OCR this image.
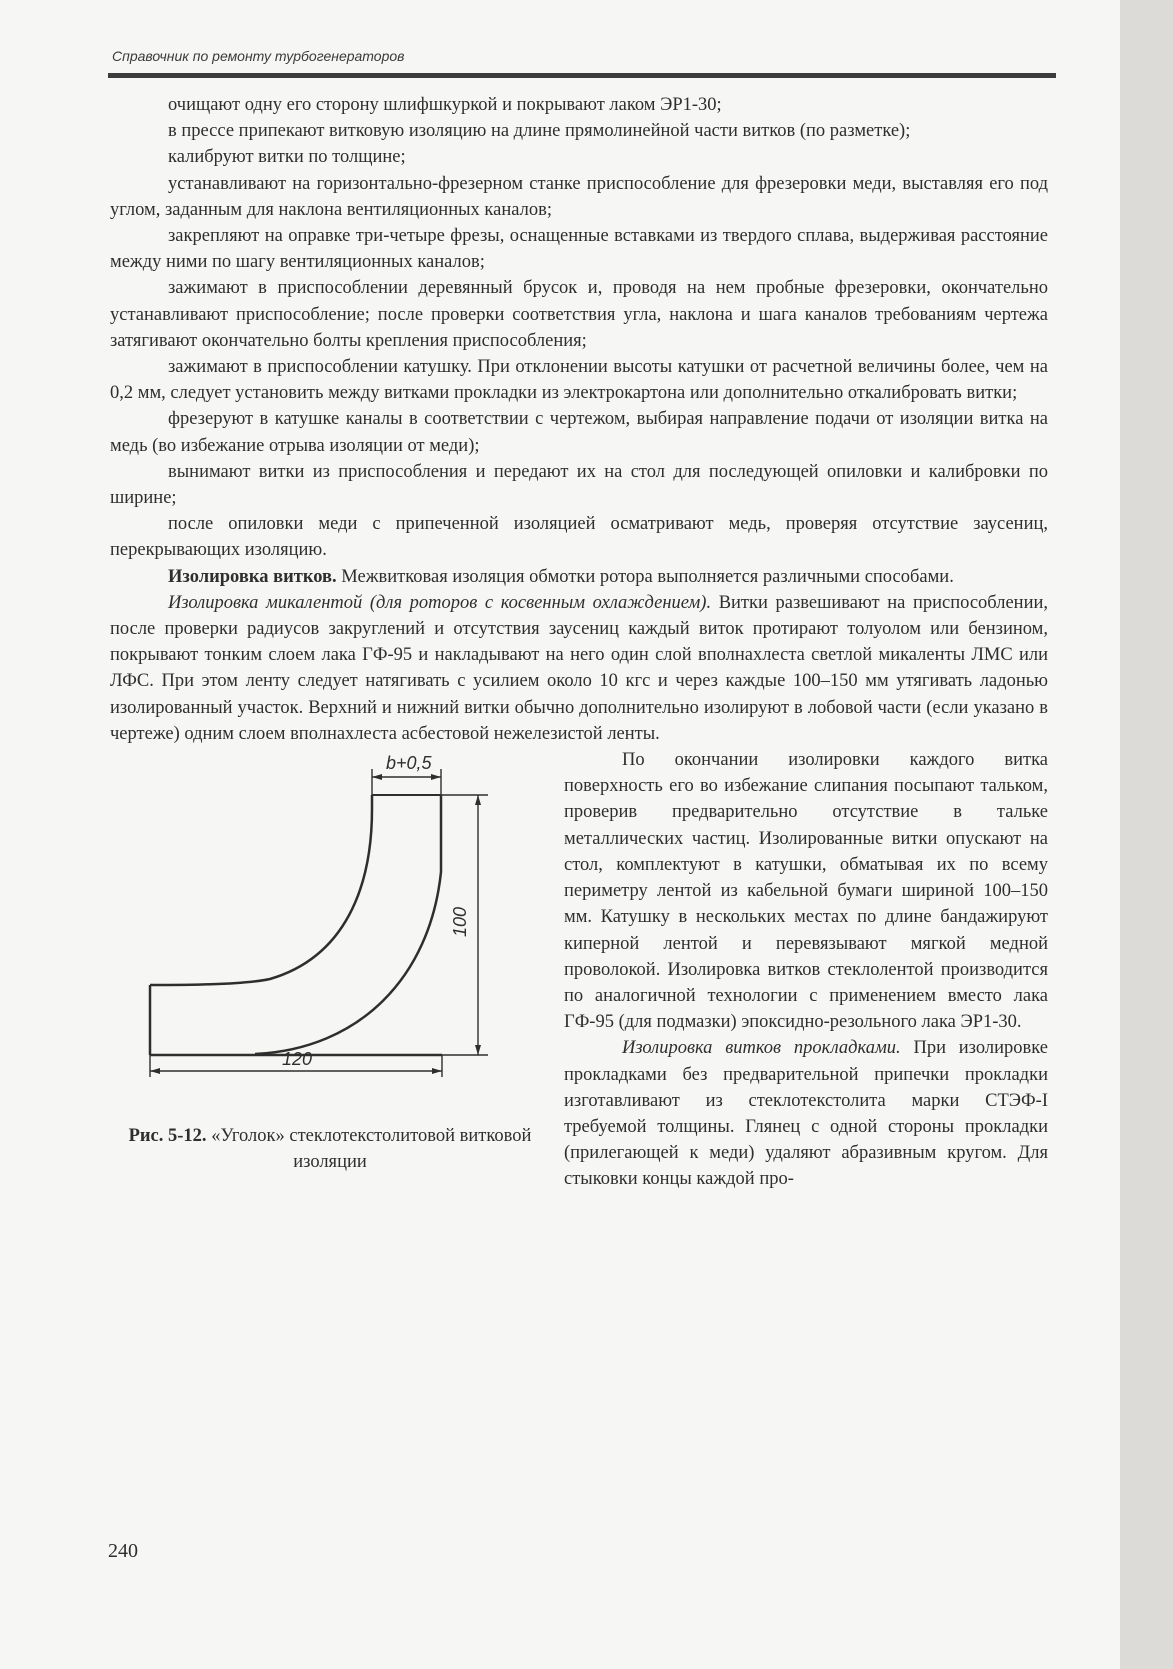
Справочник по ремонту турбогенераторов

очищают одну его сторону шлифшкуркой и покрывают лаком ЭР1-30;

в прессе припекают витковую изоляцию на длине прямолинейной части витков (по разметке);

калибруют витки по толщине;

устанавливают на горизонтально-фрезерном станке приспособление для фрезеровки меди, выставляя его под углом, заданным для наклона вентиляционных каналов;

закрепляют на оправке три-четыре фрезы, оснащенные вставками из твердого сплава, выдерживая расстояние между ними по шагу вентиляционных каналов;

зажимают в приспособлении деревянный брусок и, проводя на нем пробные фрезеровки, окончательно устанавливают приспособление; после проверки соответствия угла, наклона и шага каналов требованиям чертежа затягивают окончательно болты крепления приспособления;

зажимают в приспособлении катушку. При отклонении высоты катушки от расчетной величины более, чем на 0,2 мм, следует установить между витками прокладки из электрокартона или дополнительно откалибровать витки;

фрезеруют в катушке каналы в соответствии с чертежом, выбирая направление подачи от изоляции витка на медь (во избежание отрыва изоляции от меди);

вынимают витки из приспособления и передают их на стол для последующей опиловки и калибровки по ширине;

после опиловки меди с припеченной изоляцией осматривают медь, проверяя отсутствие заусениц, перекрывающих изоляцию.

Изолировка витков. Межвитковая изоляция обмотки ротора выполняется различными способами.

Изолировка микалентой (для роторов с косвенным охлаждением). Витки развешивают на приспособлении, после проверки радиусов закруглений и отсутствия заусениц каждый виток протирают толуолом или бензином, покрывают тонким слоем лака ГФ-95 и накладывают на него один слой вполнахлеста светлой микаленты ЛМС или ЛФС. При этом ленту следует натягивать с усилием около 10 кгс и через каждые 100–150 мм утягивать ладонью изолированный участок. Верхний и нижний витки обычно дополнительно изолируют в лобовой части (если указано в чертеже) одним слоем вполнахлеста асбестовой нежелезистой ленты.

b+0,5
100
120
Рис. 5-12. «Уголок» стеклотекстолитовой витковой изоляции

По окончании изолировки каждого витка поверхность его во избежание слипания посыпают тальком, проверив предварительно отсутствие в тальке металлических частиц. Изолированные витки опускают на стол, комплектуют в катушки, обматывая их по всему периметру лентой из кабельной бумаги шириной 100–150 мм. Катушку в нескольких местах по длине бандажируют киперной лентой и перевязывают мягкой медной проволокой. Изолировка витков стеклолентой производится по аналогичной технологии с применением вместо лака ГФ-95 (для подмазки) эпоксидно-резольного лака ЭР1-30.

Изолировка витков прокладками. При изолировке прокладками без предварительной припечки прокладки изготавливают из стеклотекстолита марки СТЭФ-I требуемой толщины. Глянец с одной стороны прокладки (прилегающей к меди) удаляют абразивным кругом. Для стыковки концы каждой про-

240
